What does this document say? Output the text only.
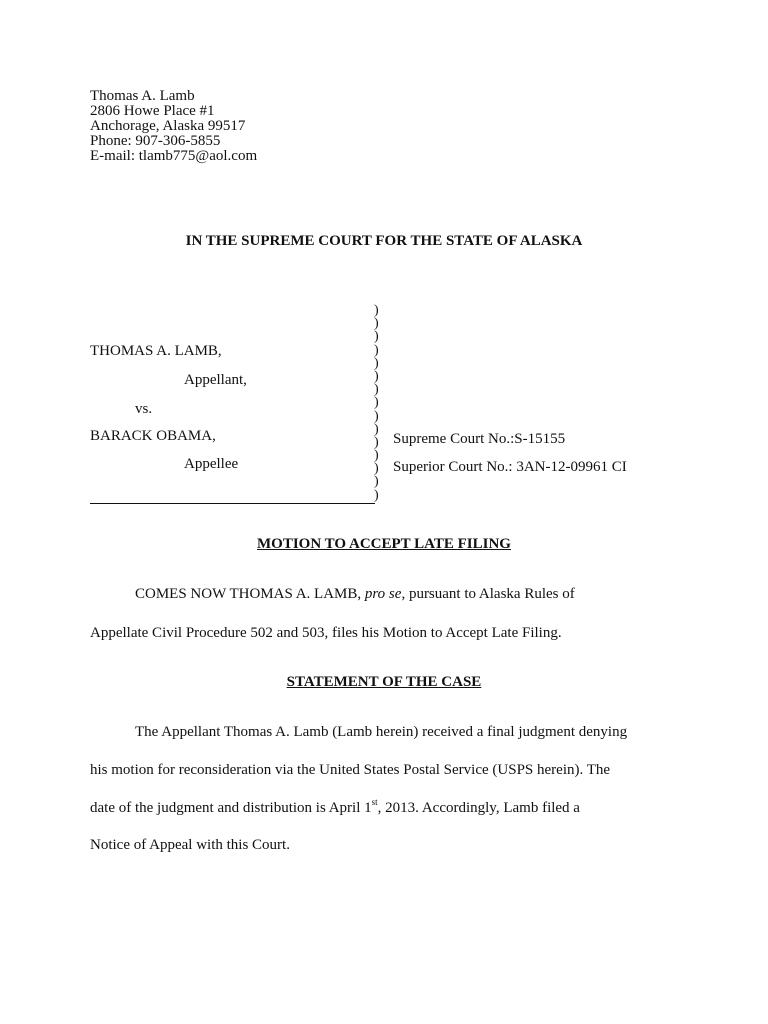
Thomas A. Lamb
2806 Howe Place #1
Anchorage, Alaska 99517
Phone: 907-306-5855
E-mail: tlamb775@aol.com
IN THE SUPREME COURT FOR THE STATE OF ALASKA
THOMAS A. LAMB,
Appellant,
vs.
BARACK OBAMA,
Appellee
)
)
)
)
)
)
)
)
)
)
)
)
)
)
)
Supreme Court No.:S-15155
Superior Court No.: 3AN-12-09961 CI
MOTION TO ACCEPT LATE FILING
COMES NOW THOMAS A. LAMB, pro se, pursuant to Alaska Rules of
Appellate Civil Procedure 502 and 503, files his Motion to Accept Late Filing.
STATEMENT OF THE CASE
The Appellant Thomas A. Lamb (Lamb herein) received a final judgment denying
his motion for reconsideration via the United States Postal Service (USPS herein). The
date of the judgment and distribution is April 1st, 2013. Accordingly, Lamb filed a
Notice of Appeal with this Court.
